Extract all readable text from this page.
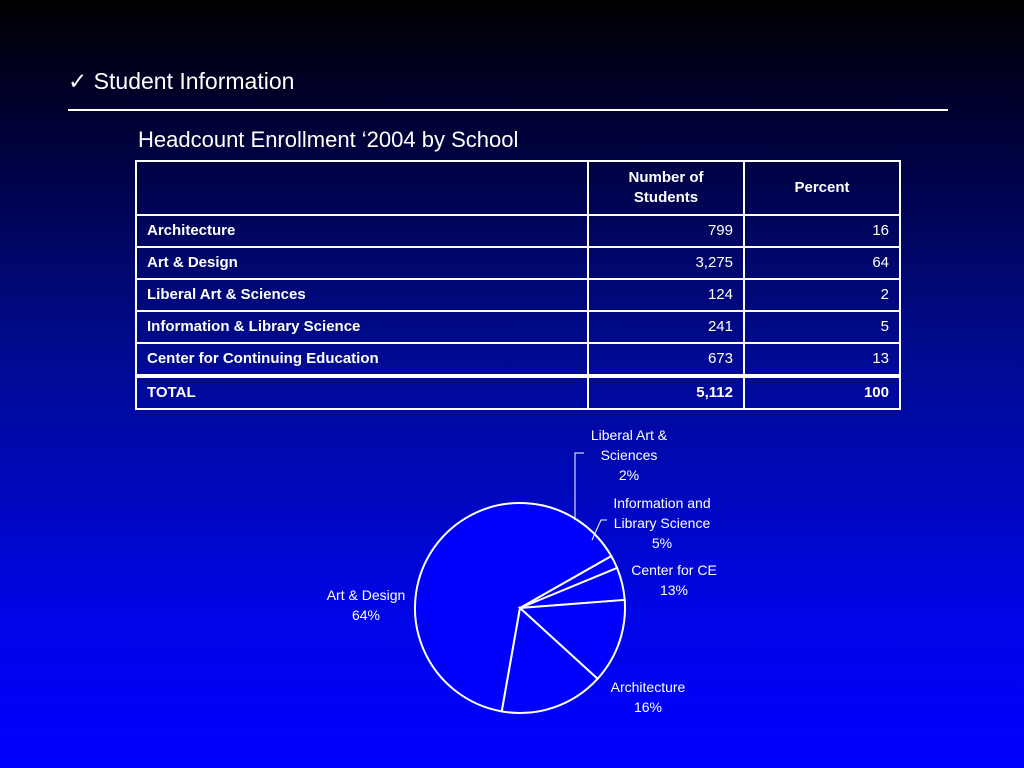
✓ Student Information
Headcount Enrollment ‘2004 by School
	Number of Students	Percent
Architecture	799	16
Art & Design	3,275	64
Liberal Art & Sciences	124	2
Information & Library Science	241	5
Center for Continuing Education	673	13
TOTAL	5,112	100
Art & Design 64%
Liberal Art & Sciences 2%
Information and Library Science 5%
Center for CE 13%
Architecture 16%
